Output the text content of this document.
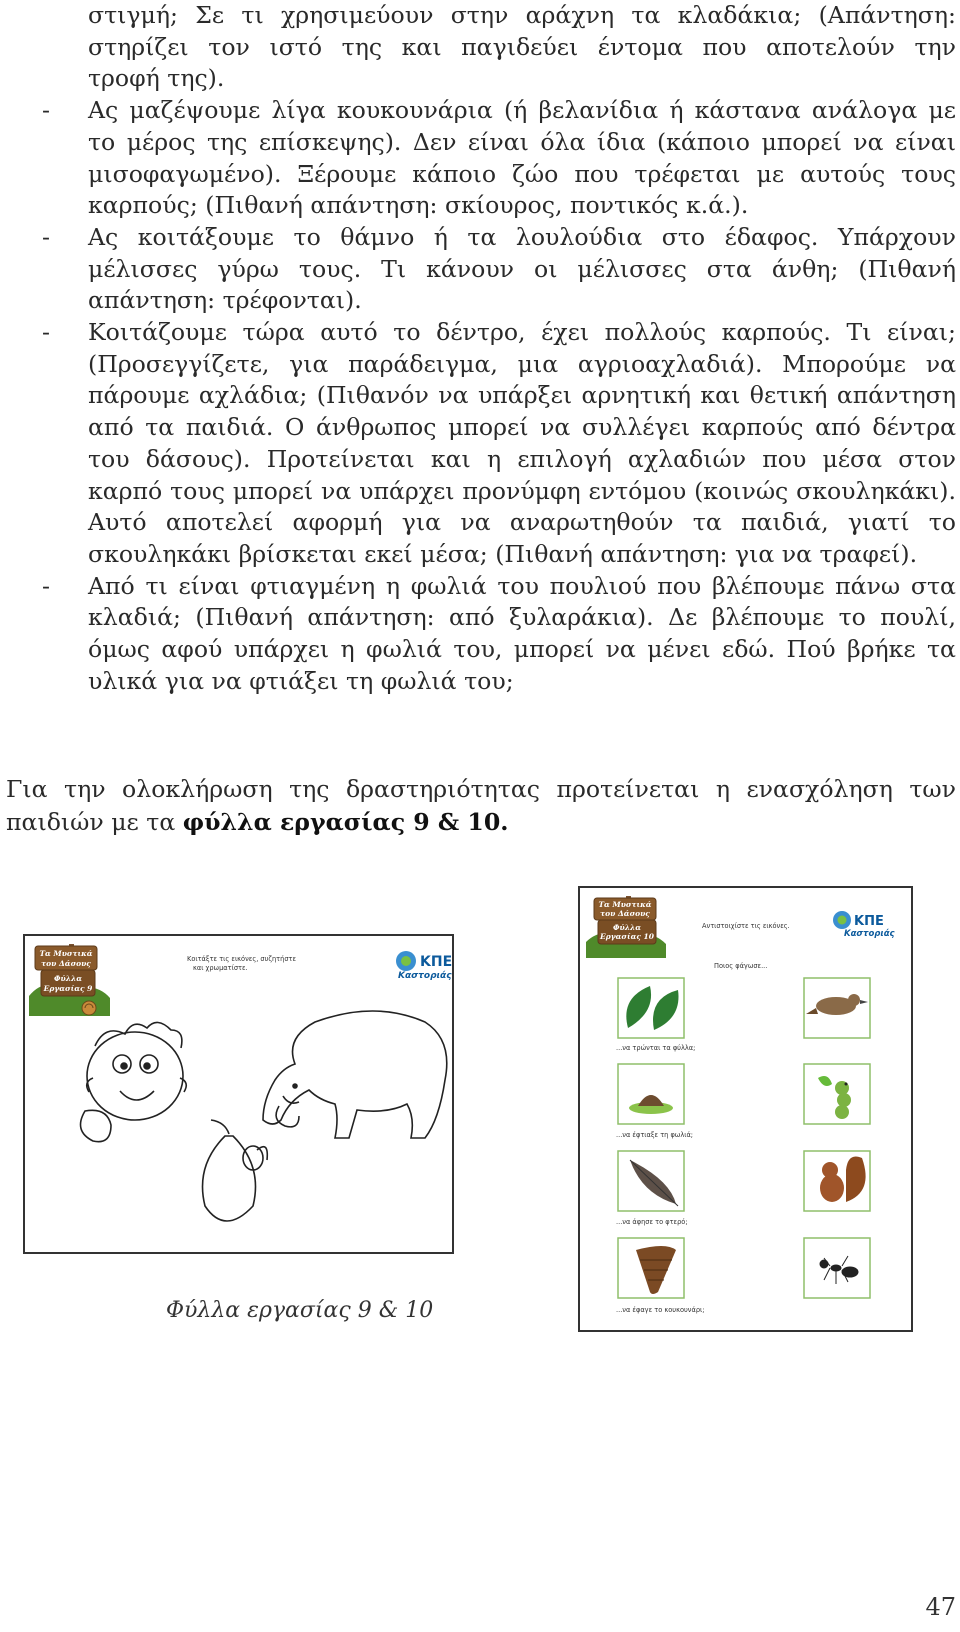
στιγμή; Σε τι χρησιμεύουν στην αράχνη τα κλαδάκια; (Απάντηση:
στηρίζει τον ιστό της και παγιδεύει έντομα που αποτελούν την
τροφή της).
- Ας μαζέψουμε λίγα κουκουνάρια (ή βελανίδια ή κάστανα ανάλογα με το μέρος της επίσκεψης). Δεν είναι όλα ίδια (κάποιο μπορεί να είναι μισοφαγωμένο). Ξέρουμε κάποιο ζώο που τρέφεται με αυτούς τους καρπούς; (Πιθανή απάντηση: σκίουρος, ποντικός κ.ά.).
- Ας κοιτάξουμε το θάμνο ή τα λουλούδια στο έδαφος. Υπάρχουν μέλισσες γύρω τους. Τι κάνουν οι μέλισσες στα άνθη; (Πιθανή απάντηση: τρέφονται).
- Κοιτάζουμε τώρα αυτό το δέντρο, έχει πολλούς καρπούς. Τι είναι; (Προσεγγίζετε, για παράδειγμα, μια αγριοαχλαδιά). Μπορούμε να πάρουμε αχλάδια; (Πιθανόν να υπάρξει αρνητική και θετική απάντηση από τα παιδιά. Ο άνθρωπος μπορεί να συλλέγει καρπούς από δέντρα του δάσους). Προτείνεται και η επιλογή αχλαδιών που μέσα στον καρπό τους μπορεί να υπάρχει προνύμφη εντόμου (κοινώς σκουληκάκι). Αυτό αποτελεί αφορμή για να αναρωτηθούν τα παιδιά, γιατί το σκουληκάκι βρίσκεται εκεί μέσα; (Πιθανή απάντηση: για να τραφεί).
- Από τι είναι φτιαγμένη η φωλιά του πουλιού που βλέπουμε πάνω στα κλαδιά; (Πιθανή απάντηση: από ξυλαράκια). Δε βλέπουμε το πουλί, όμως αφού υπάρχει η φωλιά του, μπορεί να μένει εδώ. Πού βρήκε τα υλικά για να φτιάξει τη φωλιά του;

Για την ολοκλήρωση της δραστηριότητας προτείνεται η ενασχόληση των παιδιών με τα φύλλα εργασίας 9 & 10.

Τα Μυστικά
του Δάσους
Φύλλα
Εργασίας 9
Κοιτάξτε τις εικόνες, συζητήστε
και χρωματίστε.	ΚΠΕ
Καστοριάς
Τα Μυστικά
του Δάσους
Φύλλα
Εργασίας 10
Αντιστοιχίστε τις εικόνες.
Ποιος φάγωσε...
ΚΠΕ
Καστοριάς
...να τρώνται τα φύλλα;
...να έφτιαξε τη φωλιά;
...να άφησε το φτερό;
...να έφαγε το κουκουνάρι;
Φύλλα εργασίας 9 & 10
47
